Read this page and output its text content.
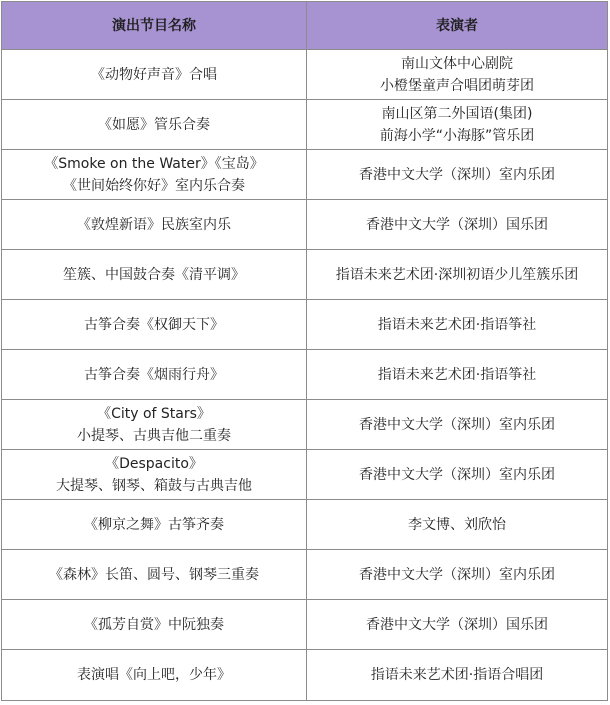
演出节目名称	表演者

《动物好声音》合唱	南山文体中心剧院
小橙堡童声合唱团萌芽团

《如愿》管乐合奏	南山区第二外国语(集团)
前海小学“小海豚”管乐团

《Smoke on the Water》《宝岛》
《世间始终你好》室内乐合奏	香港中文大学（深圳）室内乐团

《敦煌新语》民族室内乐	香港中文大学（深圳）国乐团

笙簇、中国鼓合奏《清平调》	指语未来艺术团·深圳初语少儿笙簇乐团

古筝合奏《权御天下》	指语未来艺术团·指语筝社

古筝合奏《烟雨行舟》	指语未来艺术团·指语筝社

《City of Stars》
小提琴、古典吉他二重奏	香港中文大学（深圳）室内乐团

《Despacito》
大提琴、钢琴、箱鼓与古典吉他	香港中文大学（深圳）室内乐团

《柳京之舞》古筝齐奏	李文博、刘欣怡

《森林》长笛、圆号、钢琴三重奏	香港中文大学（深圳）室内乐团

《孤芳自赏》中阮独奏	香港中文大学（深圳）国乐团

表演唱《向上吧，少年》	指语未来艺术团·指语合唱团
